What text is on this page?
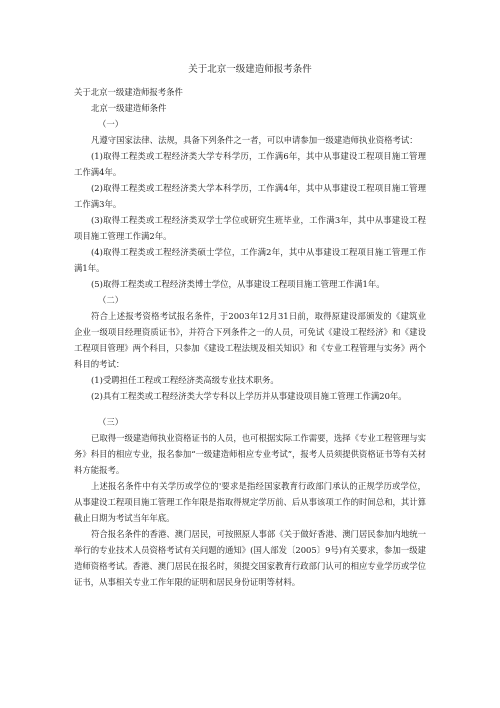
关于北京一级建造师报考条件

关于北京一级建造师报考条件

北京一级建造师条件

（一）

凡遵守国家法律、法规，具备下列条件之一者，可以申请参加一级建造师执业资格考试：

(1)取得工程类或工程经济类大学专科学历，工作满6年，其中从事建设工程项目施工管理工作满4年。

(2)取得工程类或工程经济类大学本科学历，工作满4年，其中从事建设工程项目施工管理工作满3年。

(3)取得工程类或工程经济类双学士学位或研究生班毕业，工作满3年，其中从事建设工程项目施工管理工作满2年。

(4)取得工程类或工程经济类硕士学位，工作满2年，其中从事建设工程项目施工管理工作满1年。

(5)取得工程类或工程经济类博士学位，从事建设工程项目施工管理工作满1年。

（二）

符合上述报考资格考试报名条件，于2003年12月31日前，取得原建设部颁发的《建筑业企业一级项目经理资质证书》，并符合下列条件之一的人员，可免试《建设工程经济》和《建设工程项目管理》两个科目，只参加《建设工程法规及相关知识》和《专业工程管理与实务》两个科目的考试：

(1)受聘担任工程或工程经济类高级专业技术职务。

(2)具有工程类或工程经济类大学专科以上学历并从事建设项目施工管理工作满20年。

（三）

已取得一级建造师执业资格证书的人员，也可根据实际工作需要，选择《专业工程管理与实务》科目的相应专业，报名参加“一级建造师相应专业考试”，报考人员须提供资格证书等有关材料方能报考。

上述报名条件中有关学历或学位的'要求是指经国家教育行政部门承认的正规学历或学位，从事建设工程项目施工管理工作年限是指取得规定学历前、后从事该项工作的时间总和，其计算截止日期为考试当年年底。

符合报名条件的香港、澳门居民，可按照原人事部《关于做好香港、澳门居民参加内地统一举行的专业技术人员资格考试有关问题的通知》(国人部发〔2005〕9号)有关要求，参加一级建造师资格考试。香港、澳门居民在报名时，须提交国家教育行政部门认可的相应专业学历或学位证书，从事相关专业工作年限的证明和居民身份证明等材料。
